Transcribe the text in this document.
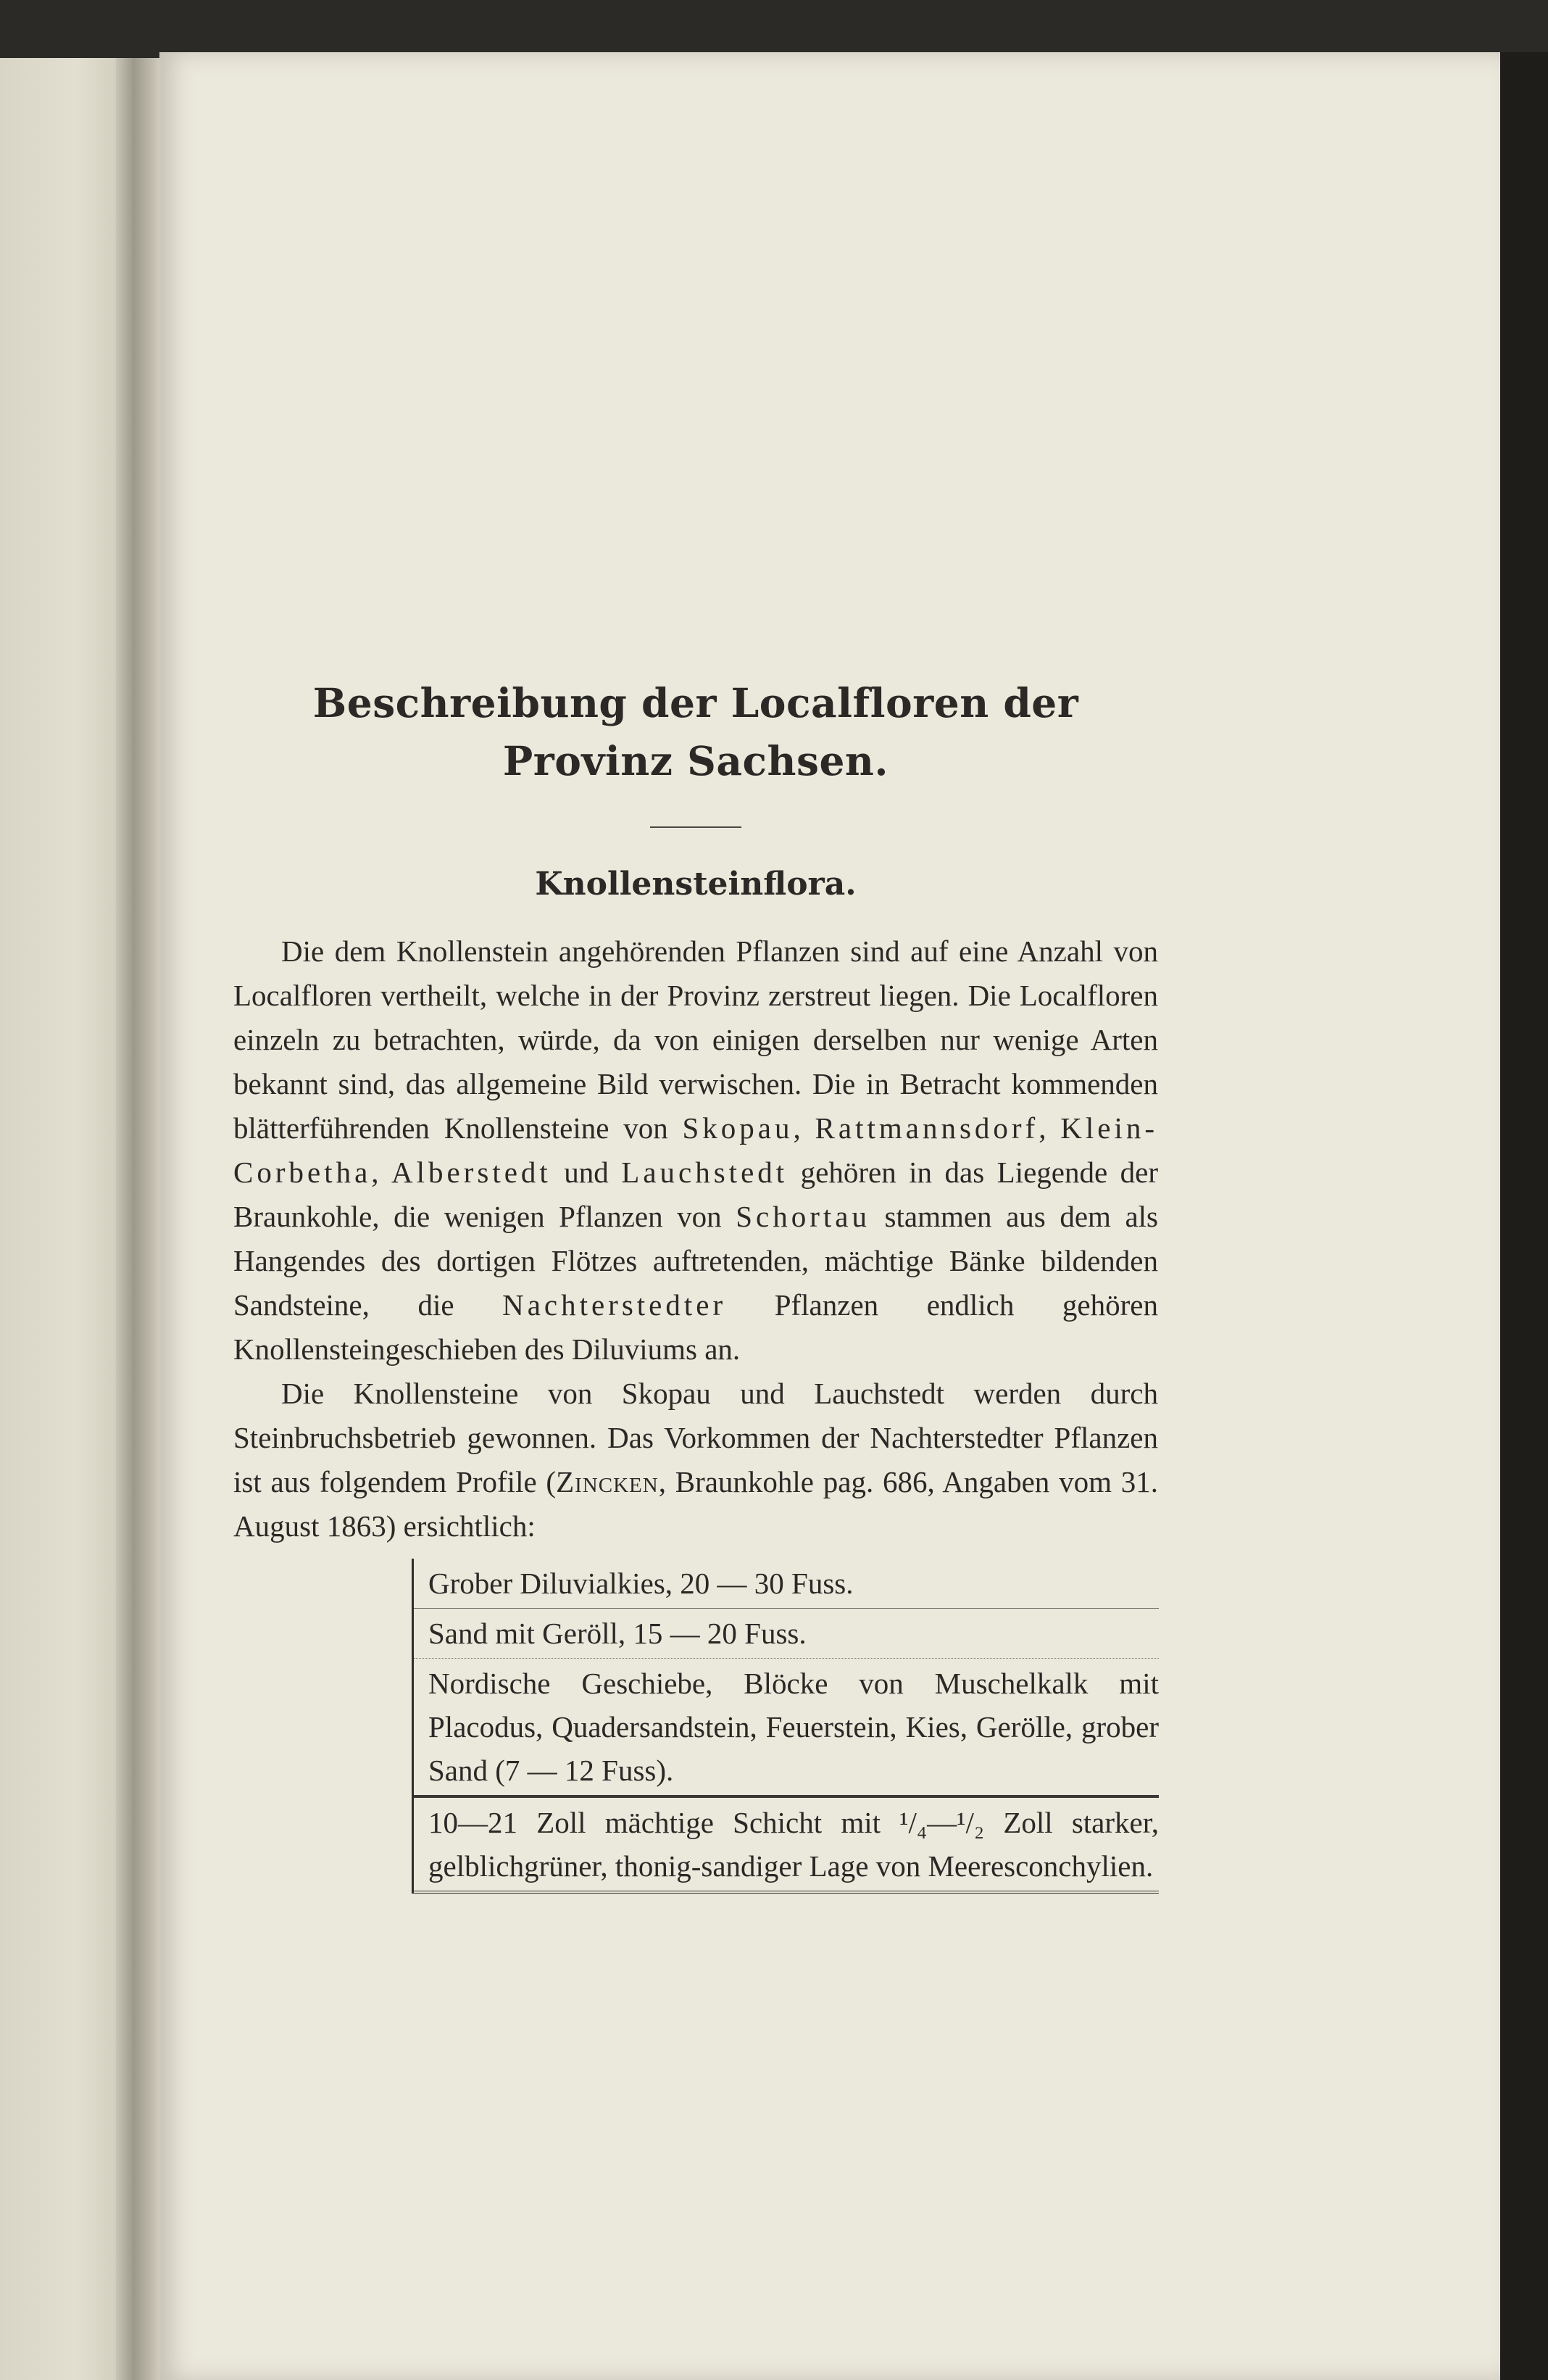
Beschreibung der Localfloren der
Provinz Sachsen.
Knollensteinflora.

Die dem Knollenstein angehörenden Pflanzen sind auf eine Anzahl von Localfloren vertheilt, welche in der Provinz zerstreut liegen. Die Localfloren einzeln zu betrachten, würde, da von einigen derselben nur wenige Arten bekannt sind, das allgemeine Bild verwischen. Die in Betracht kommenden blätterführenden Knollensteine von Skopau, Rattmannsdorf, Klein-Corbetha, Alberstedt und Lauchstedt gehören in das Liegende der Braunkohle, die wenigen Pflanzen von Schortau stammen aus dem als Hangendes des dortigen Flötzes auftretenden, mächtige Bänke bildenden Sandsteine, die Nachterstedter Pflanzen endlich gehören Knollensteingeschieben des Diluviums an.

Die Knollensteine von Skopau und Lauchstedt werden durch Steinbruchsbetrieb gewonnen. Das Vorkommen der Nachterstedter Pflanzen ist aus folgendem Profile (Zincken, Braunkohle pag. 686, Angaben vom 31. August 1863) ersichtlich:

Grober Diluvialkies, 20 — 30 Fuss.
Sand mit Geröll, 15 — 20 Fuss.
Nordische Geschiebe, Blöcke von Muschelkalk mit Placodus, Quadersandstein, Feuerstein, Kies, Gerölle, grober Sand (7 — 12 Fuss).
10—21 Zoll mächtige Schicht mit ¹/₄—¹/₂ Zoll starker, gelblichgrüner, thonig-sandiger Lage von Meeresconchylien.
